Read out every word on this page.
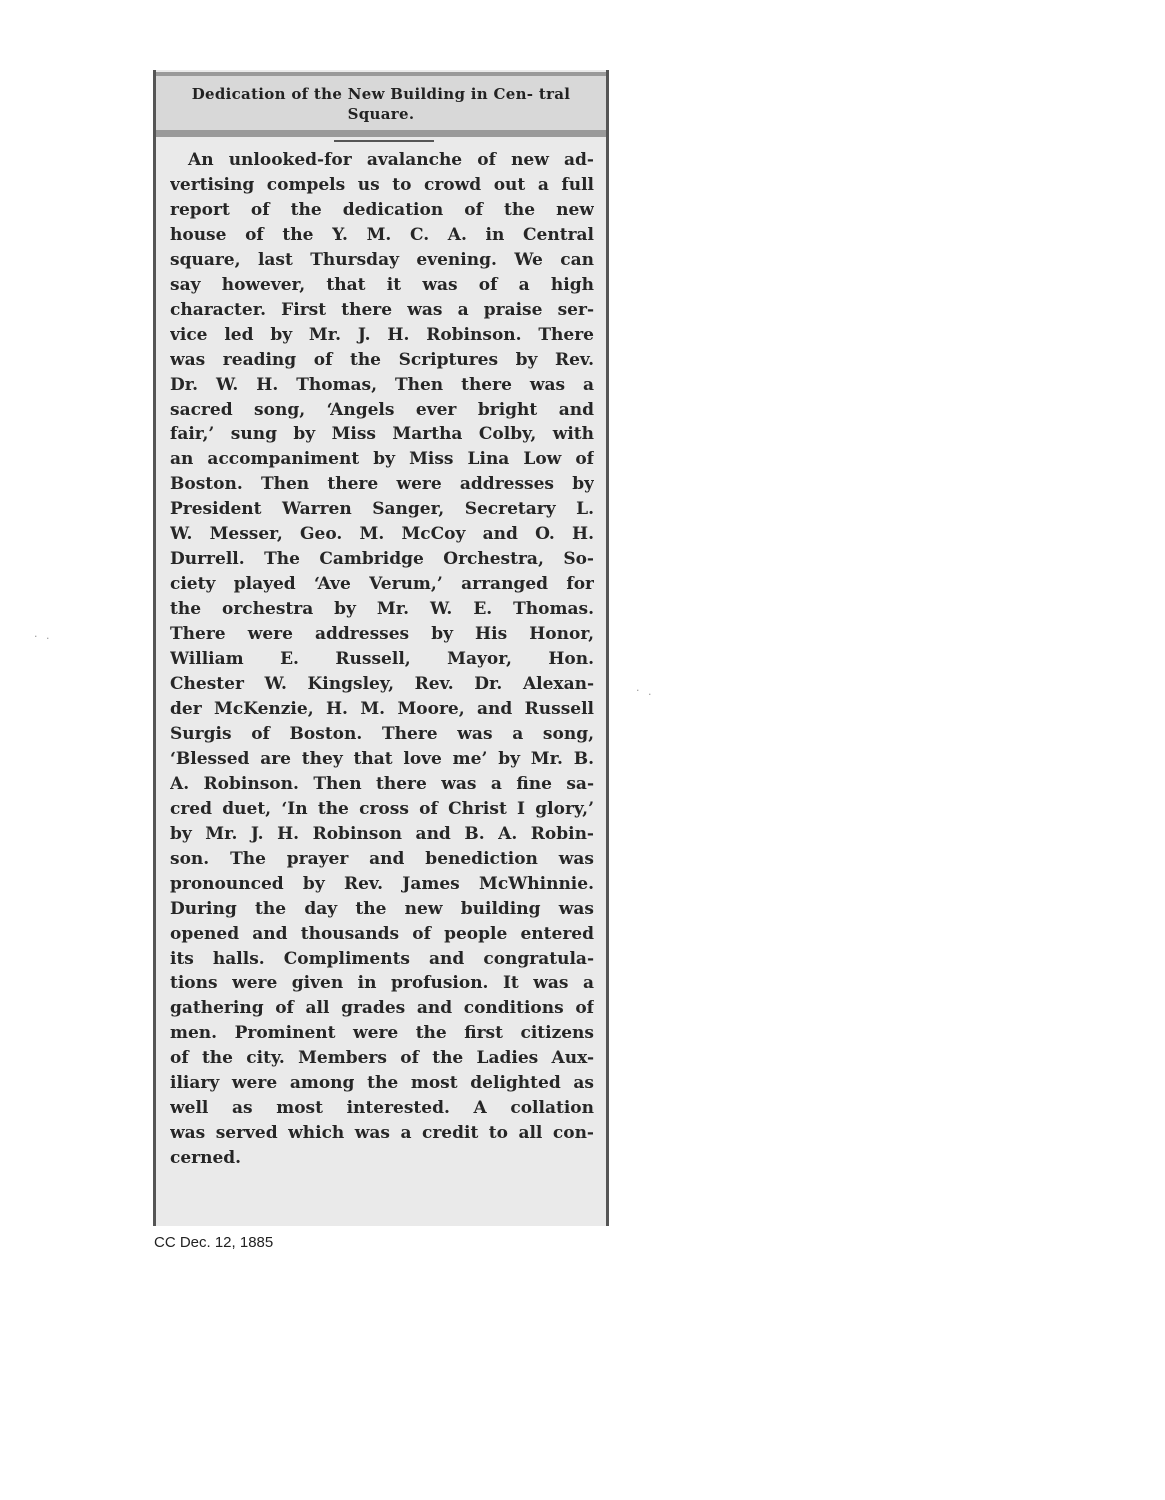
Dedication of the New Building in Cen- tral Square.
An unlooked-for avalanche of new ad-
vertising compels us to crowd out a full
report of the dedication of the new
house of the Y. M. C. A. in Central
square, last Thursday evening. We can
say however, that it was of a high
character. First there was a praise ser-
vice led by Mr. J. H. Robinson. There
was reading of the Scriptures by Rev.
Dr. W. H. Thomas, Then there was a
sacred song, ‘Angels ever bright and
fair,’ sung by Miss Martha Colby, with
an accompaniment by Miss Lina Low of
Boston. Then there were addresses by
President Warren Sanger, Secretary L.
W. Messer, Geo. M. McCoy and O. H.
Durrell. The Cambridge Orchestra, So-
ciety played ‘Ave Verum,’ arranged for
the orchestra by Mr. W. E. Thomas.
There were addresses by His Honor,
William E. Russell, Mayor, Hon.
Chester W. Kingsley, Rev. Dr. Alexan-
der McKenzie, H. M. Moore, and Russell
Surgis of Boston. There was a song,
‘Blessed are they that love me’ by Mr. B.
A. Robinson. Then there was a fine sa-
cred duet, ‘In the cross of Christ I glory,’
by Mr. J. H. Robinson and B. A. Robin-
son. The prayer and benediction was
pronounced by Rev. James McWhinnie.
During the day the new building was
opened and thousands of people entered
its halls. Compliments and congratula-
tions were given in profusion. It was a
gathering of all grades and conditions of
men. Prominent were the first citizens
of the city. Members of the Ladies Aux-
iliary were among the most delighted as
well as most interested. A collation
was served which was a credit to all con-
cerned.
CC Dec. 12, 1885
· ·
· ·
